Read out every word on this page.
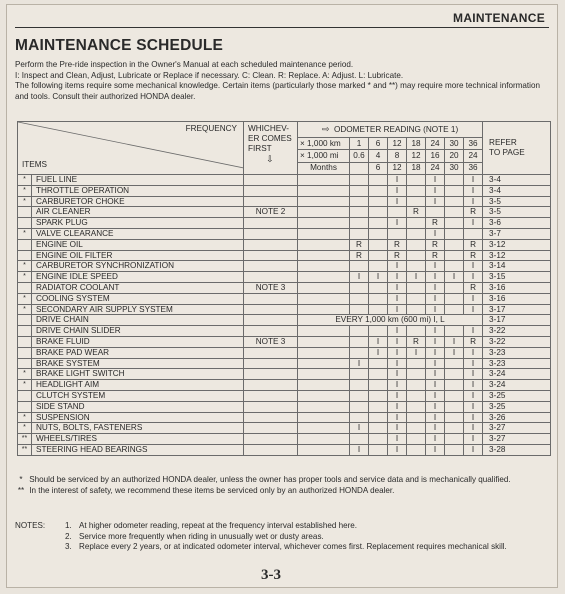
MAINTENANCE
MAINTENANCE SCHEDULE

Perform the Pre-ride inspection in the Owner's Manual at each scheduled maintenance period.

I: Inspect and Clean, Adjust, Lubricate or Replace if necessary. C: Clean. R: Replace. A: Adjust. L: Lubricate.

The following items require some mechanical knowledge. Certain items (particularly those marked * and **) may require more technical information and tools. Consult their authorized HONDA dealer.

FREQUENCY
ITEMS		WHICHEV- ER COMES FIRST
⇩	⇨ ODOMETER READING (NOTE 1)								REFER TO PAGE

			× 1,000 km	1	6	12	18	24	30	36	
			× 1,000 mi	0.6	4	8	12	16	20	24	
			Months		6	12	18	24	30	36	
*	FUEL LINE					I		I		I	3-4
*	THROTTLE OPERATION					I		I		I	3-4
*	CARBURETOR CHOKE					I		I		I	3-5
	AIR CLEANER	NOTE 2					R			R	3-5
	SPARK PLUG					I		R		I	3-6
*	VALVE CLEARANCE							I			3-7
	ENGINE OIL			R		R		R		R	3-12
	ENGINE OIL FILTER			R		R		R		R	3-12
*	CARBURETOR SYNCHRONIZATION					I		I		I	3-14
*	ENGINE IDLE SPEED			I	I	I	I	I	I	I	3-15
	RADIATOR COOLANT	NOTE 3				I		I		R	3-16
*	COOLING SYSTEM					I		I		I	3-16
*	SECONDARY AIR SUPPLY SYSTEM					I		I		I	3-17
	DRIVE CHAIN		EVERY 1,000 km (600 mi) I, L								3-17
	DRIVE CHAIN SLIDER					I		I		I	3-22
	BRAKE FLUID	NOTE 3			I	I	R	I	I	R	3-22
	BRAKE PAD WEAR				I	I	I	I	I	I	3-23
	BRAKE SYSTEM			I		I		I		I	3-23
*	BRAKE LIGHT SWITCH					I		I		I	3-24
*	HEADLIGHT AIM					I		I		I	3-24
	CLUTCH SYSTEM					I		I		I	3-25
	SIDE STAND					I		I		I	3-25
*	SUSPENSION					I		I		I	3-26
*	NUTS, BOLTS, FASTENERS			I		I		I		I	3-27
**	WHEELS/TIRES					I		I		I	3-27
**	STEERING HEAD BEARINGS			I		I		I		I	3-28

* Should be serviced by an authorized HONDA dealer, unless the owner has proper tools and service data and is mechanically qualified.

** In the interest of safety, we recommend these items be serviced only by an authorized HONDA dealer.

NOTES: 1. At higher odometer reading, repeat at the frequency interval established here.
2. Service more frequently when riding in unusually wet or dusty areas.
3. Replace every 2 years, or at indicated odometer interval, whichever comes first. Replacement requires mechanical skill.
3-3
